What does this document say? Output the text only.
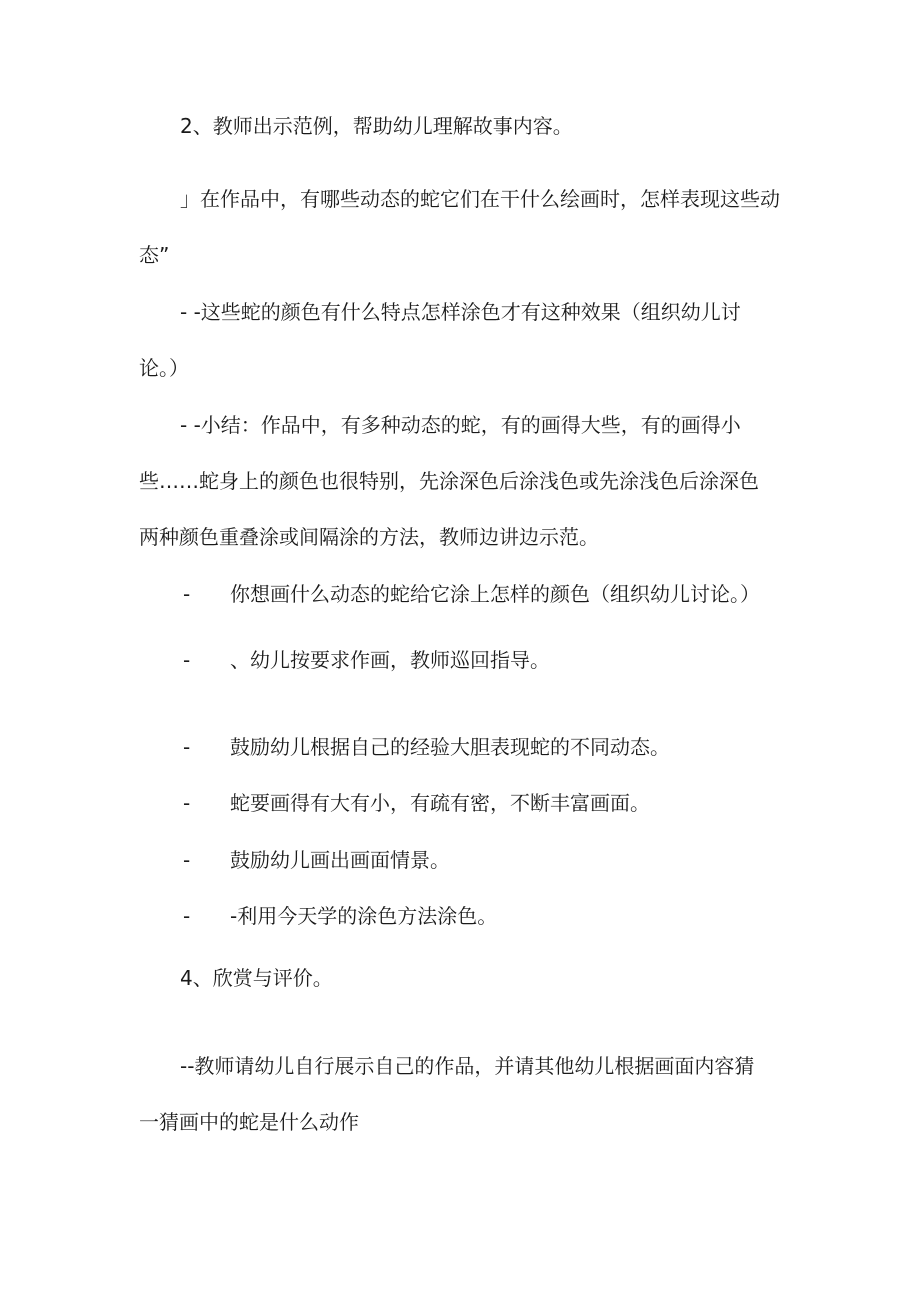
2、教师出示范例，帮助幼儿理解故事内容。

」在作品中，有哪些动态的蛇它们在干什么绘画时，怎样表现这些动

态”

- -这些蛇的颜色有什么特点怎样涂色才有这种效果（组织幼儿讨

论。）

- -小结：作品中，有多种动态的蛇，有的画得大些，有的画得小

些……蛇身上的颜色也很特别，先涂深色后涂浅色或先涂浅色后涂深色

两种颜色重叠涂或间隔涂的方法，教师边讲边示范。

- 你想画什么动态的蛇给它涂上怎样的颜色（组织幼儿讨论。）

- 、幼儿按要求作画，教师巡回指导。

- 鼓励幼儿根据自己的经验大胆表现蛇的不同动态。

- 蛇要画得有大有小，有疏有密，不断丰富画面。

- 鼓励幼儿画出画面情景。

- -利用今天学的涂色方法涂色。

4、欣赏与评价。

--教师请幼儿自行展示自己的作品，并请其他幼儿根据画面内容猜

一猜画中的蛇是什么动作
